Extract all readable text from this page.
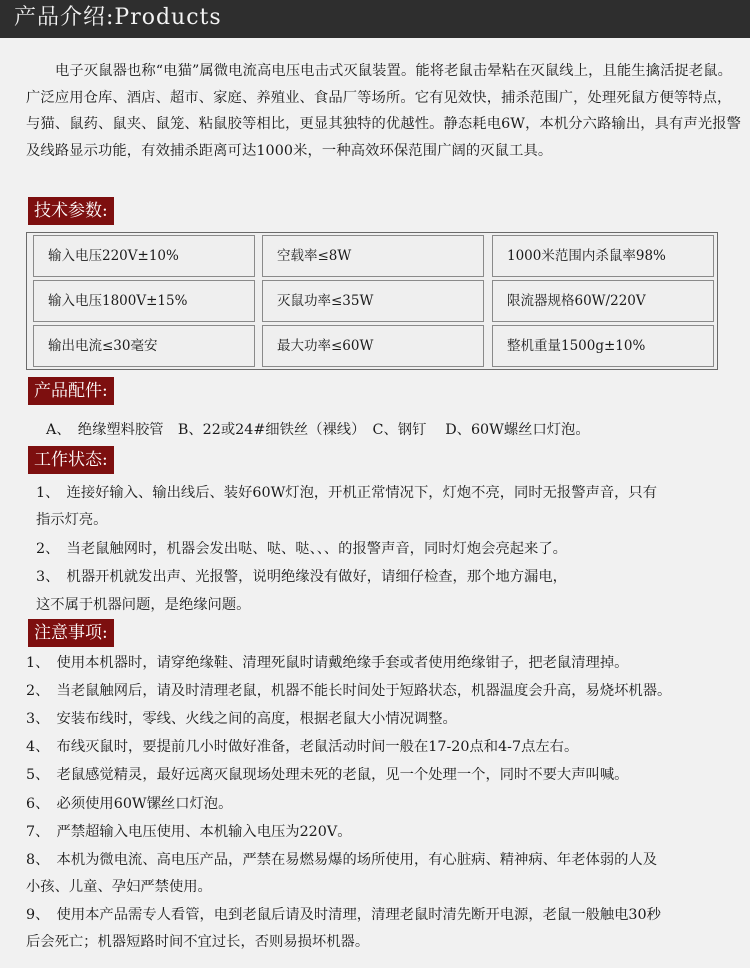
产品介绍:Products

电子灭鼠器也称“电猫”属微电流高电压电击式灭鼠装置。能将老鼠击晕粘在灭鼠线上，且能生擒活捉老鼠。广泛应用仓库、酒店、超市、家庭、养殖业、食品厂等场所。它有见效快，捕杀范围广，处理死鼠方便等特点，与猫、鼠药、鼠夹、鼠笼、粘鼠胶等相比，更显其独特的优越性。静态耗电6W，本机分六路输出，具有声光报警及线路显示功能，有效捕杀距离可达1000米，一种高效环保范围广阔的灭鼠工具。

技术参数:
输入电压220V±10%	空载率≤8W	1000米范围内杀鼠率98%
输入电压1800V±15%	灭鼠功率≤35W	限流器规格60W/220V
输出电流≤30毫安	最大功率≤60W	整机重量1500g±10%
产品配件:
A、　绝缘塑料胶管　B、22或24#细铁丝（裸线）　C、钢钉　 D、60W螺丝口灯泡。
工作状态:
1、　连接好输入、输出线后、装好60W灯泡，开机正常情况下，灯炮不亮，同时无报警声音，只有
指示灯亮。
2、　当老鼠触网时，机器会发出哒、哒、哒、、、的报警声音，同时灯炮会亮起来了。
3、　机器开机就发出声、光报警，说明绝缘没有做好，请细仔检查，那个地方漏电，
这不属于机器问题，是绝缘问题。
注意事项:
1、　使用本机器时，请穿绝缘鞋、清理死鼠时请戴绝缘手套或者使用绝缘钳子，把老鼠清理掉。
2、　当老鼠触网后，请及时清理老鼠，机器不能长时间处于短路状态，机器温度会升高，易烧坏机器。
3、　安装布线时，零线、火线之间的高度，根据老鼠大小情况调整。
4、　布线灭鼠时，要提前几小时做好准备，老鼠活动时间一般在17-20点和4-7点左右。
5、　老鼠感觉精灵，最好远离灭鼠现场处理未死的老鼠，见一个处理一个，同时不要大声叫喊。
6、　必须使用60W镙丝口灯泡。
7、　严禁超输入电压使用、本机输入电压为220V。
8、　本机为微电流、高电压产品，严禁在易燃易爆的场所使用，有心脏病、精神病、年老体弱的人及
小孩、儿童、孕妇严禁使用。
9、　使用本产品需专人看管，电到老鼠后请及时清理，清理老鼠时清先断开电源，老鼠一般触电30秒
后会死亡；机器短路时间不宜过长，否则易损坏机器。
